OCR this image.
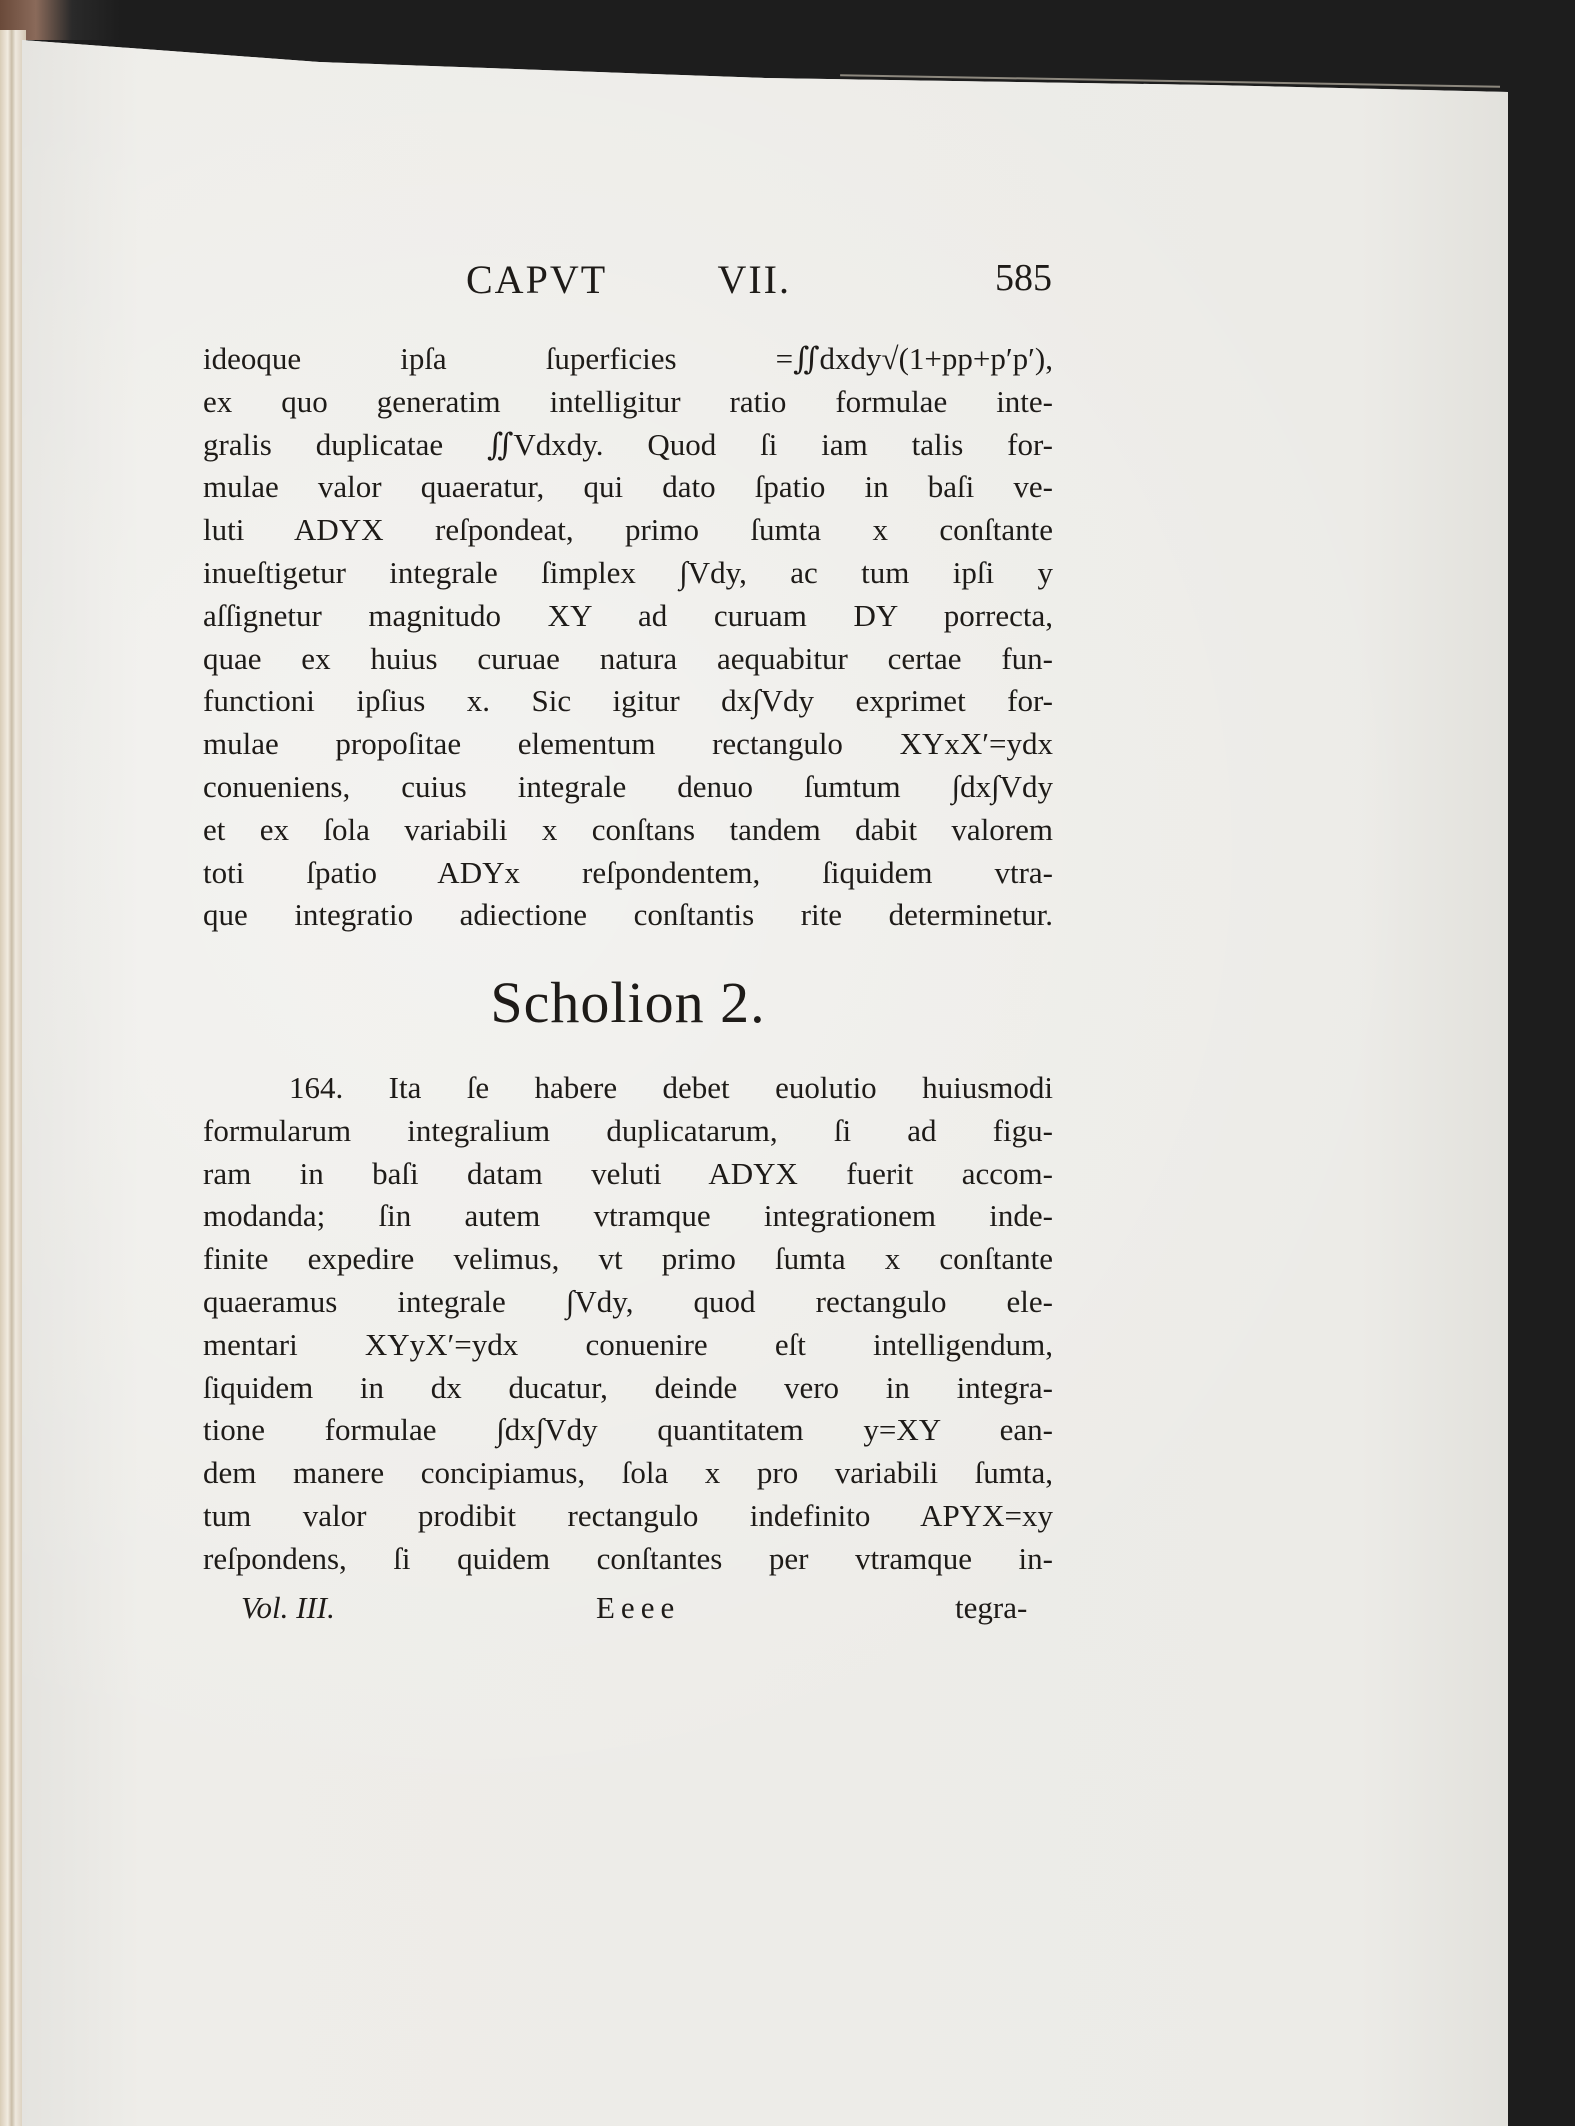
CAPVT VII.	585
ideoque ipſa ſuperficies =∬dxdy√(1+pp+p′p′),
ex quo generatim intelligitur ratio formulae inte-
gralis duplicatae ∬Vdxdy. Quod ſi iam talis for-
mulae valor quaeratur, qui dato ſpatio in baſi ve-
luti ADYX reſpondeat, primo ſumta x conſtante
inueſtigetur integrale ſimplex ∫Vdy, ac tum ipſi y
aſſignetur magnitudo XY ad curuam DY porrecta,
quae ex huius curuae natura aequabitur certae fun-
functioni ipſius x. Sic igitur dx∫Vdy exprimet for-
mulae propoſitae elementum rectangulo XYxX′=ydx
conueniens, cuius integrale denuo ſumtum ∫dx∫Vdy
et ex ſola variabili x conſtans tandem dabit valorem
toti ſpatio ADYx reſpondentem, ſiquidem vtra-
que integratio adiectione conſtantis rite determinetur.
Scholion 2.
164. Ita ſe habere debet euolutio huiusmodi
formularum integralium duplicatarum, ſi ad figu-
ram in baſi datam veluti ADYX fuerit accom-
modanda; ſin autem vtramque integrationem inde-
finite expedire velimus, vt primo ſumta x conſtante
quaeramus integrale ∫Vdy, quod rectangulo ele-
mentari XYyX′=ydx conuenire eſt intelligendum,
ſiquidem in dx ducatur, deinde vero in integra-
tione formulae ∫dx∫Vdy quantitatem y=XY ean-
dem manere concipiamus, ſola x pro variabili ſumta,
tum valor prodibit rectangulo indefinito APYX=xy
reſpondens, ſi quidem conſtantes per vtramque in-
Vol. III.	Eeee	tegra-
